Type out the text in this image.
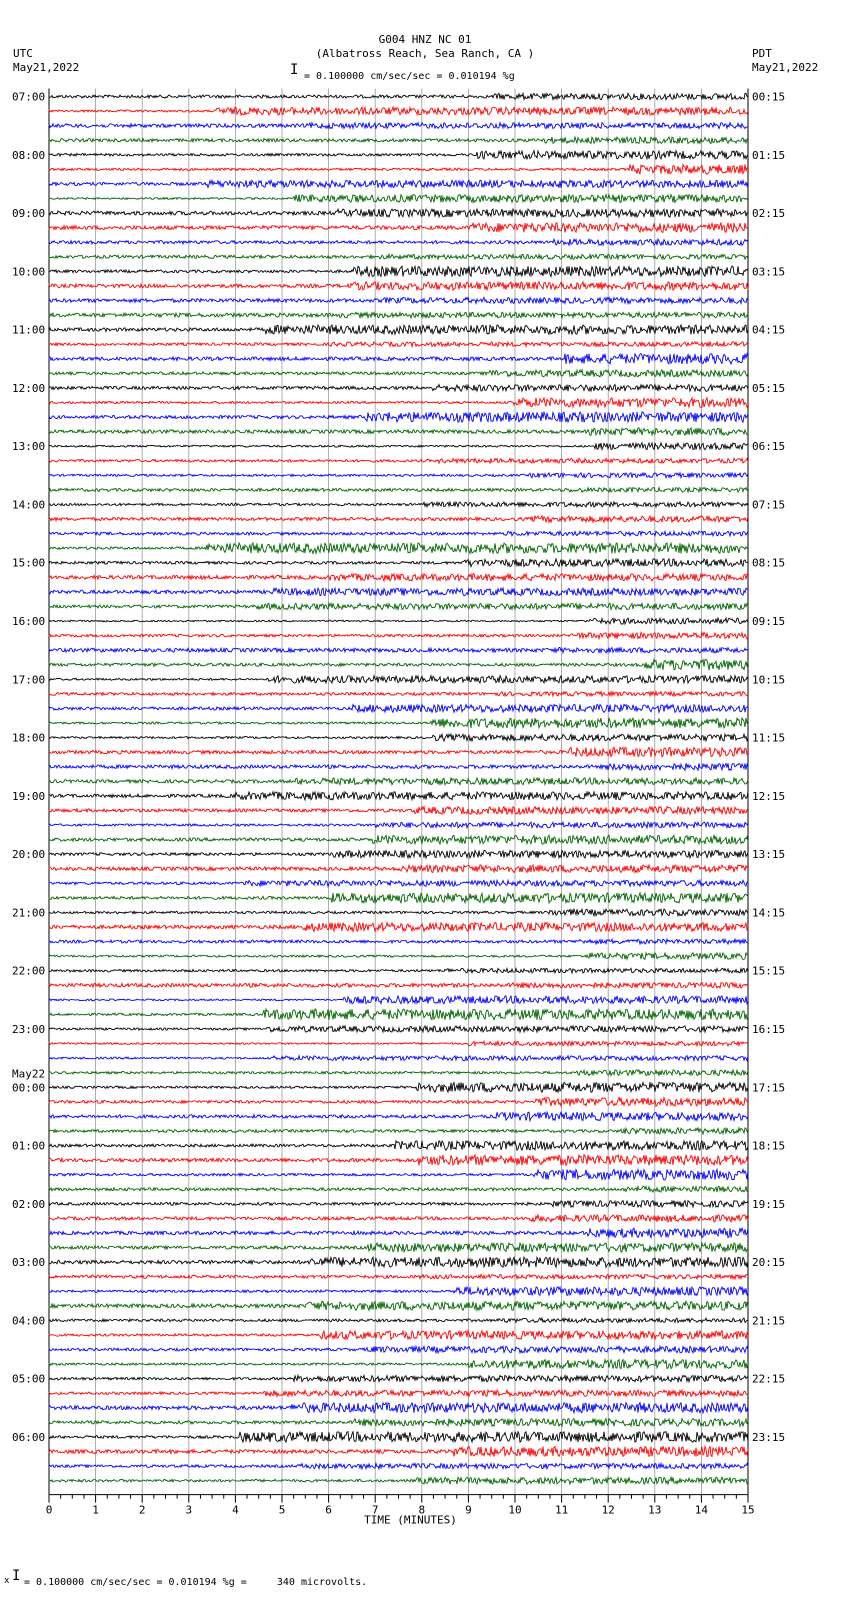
G004 HNZ NC 01
(Albatross Reach, Sea Ranch, CA )
I = 0.100000 cm/sec/sec = 0.010194 %g
UTC
May21,2022
PDT
May21,2022
07:00
08:00
09:00
10:00
11:00
12:00
13:00
14:00
15:00
16:00
17:00
18:00
19:00
20:00
21:00
22:00
23:00
00:00
01:00
02:00
03:00
04:00
05:00
06:00
00:15
01:15
02:15
03:15
04:15
05:15
06:15
07:15
08:15
09:15
10:15
11:15
12:15
13:15
14:15
15:15
16:15
17:15
18:15
19:15
20:15
21:15
22:15
23:15
May22
0	1	2	3	4	5	6	7	8	9	10	11	12	13	14	15
TIME (MINUTES)
x I = 0.100000 cm/sec/sec = 0.010194 %g =     340 microvolts.
